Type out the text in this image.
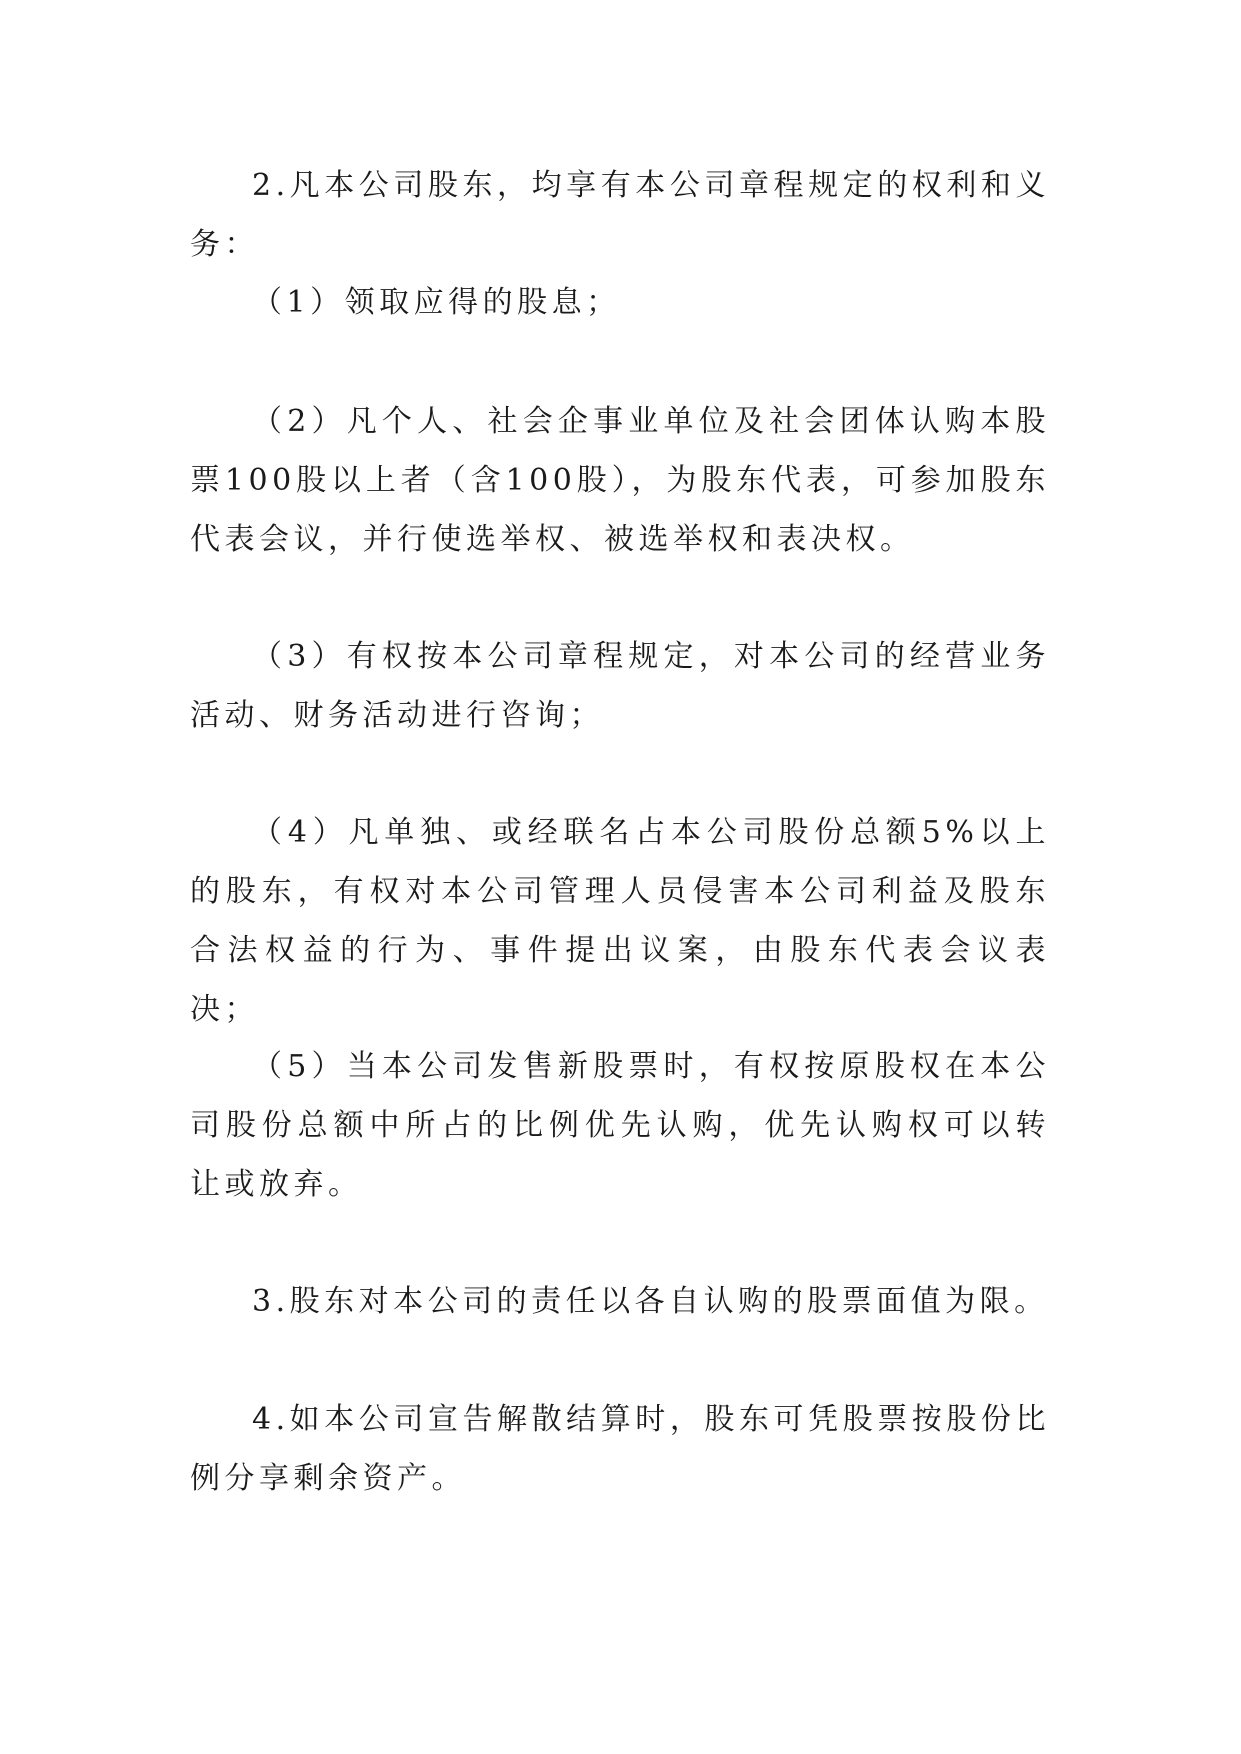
2.凡本公司股东，均享有本公司章程规定的权利和义务：

（1）领取应得的股息；

（2）凡个人、社会企事业单位及社会团体认购本股票100股以上者（含100股），为股东代表，可参加股东代表会议，并行使选举权、被选举权和表决权。

（3）有权按本公司章程规定，对本公司的经营业务活动、财务活动进行咨询；

（4）凡单独、或经联名占本公司股份总额5%以上的股东，有权对本公司管理人员侵害本公司利益及股东合法权益的行为、事件提出议案，由股东代表会议表决；

（5）当本公司发售新股票时，有权按原股权在本公司股份总额中所占的比例优先认购，优先认购权可以转让或放弃。

3.股东对本公司的责任以各自认购的股票面值为限。

4.如本公司宣告解散结算时，股东可凭股票按股份比例分享剩余资产。
